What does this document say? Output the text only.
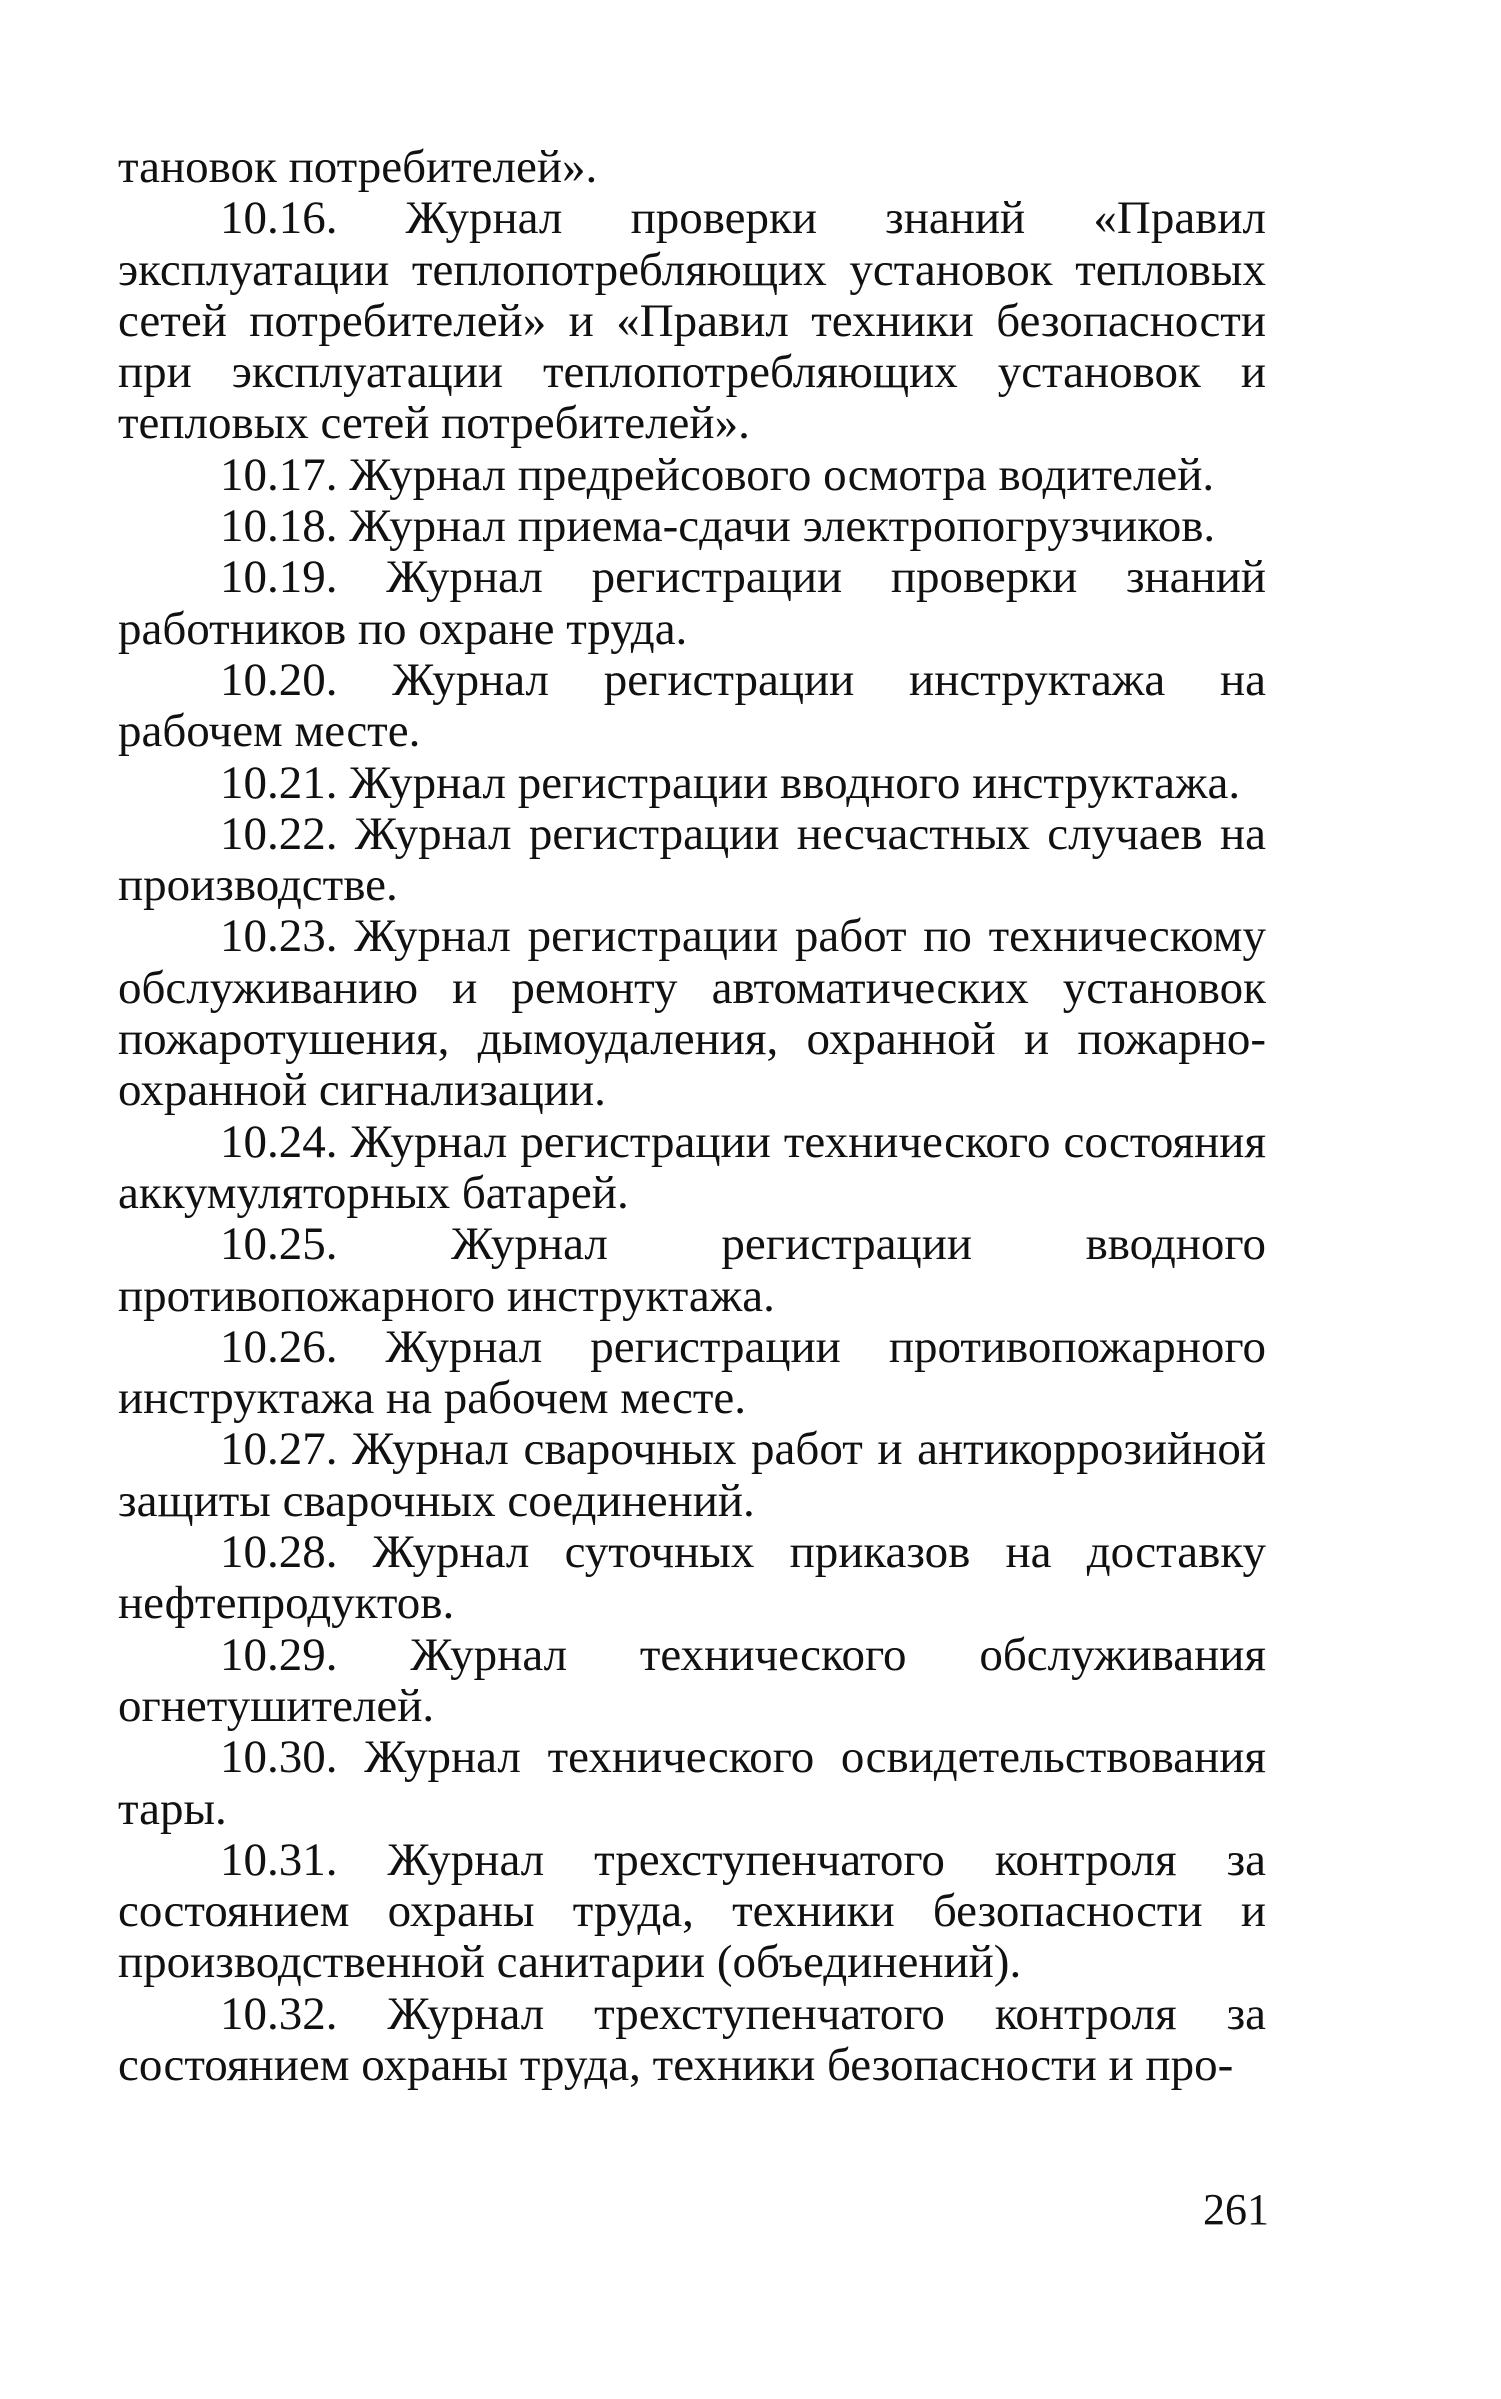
тановок потребителей».

10.16. Журнал проверки знаний «Правил эксплуатации теплопотребляющих установок тепловых сетей потребителей» и «Правил техники безопасности при эксплуатации теплопотребляющих установок и тепловых сетей потребителей».

10.17. Журнал предрейсового осмотра водителей.

10.18. Журнал приема-сдачи электропогрузчиков.

10.19. Журнал регистрации проверки знаний работников по охране труда.

10.20. Журнал регистрации инструктажа на рабочем месте.

10.21. Журнал регистрации вводного инструктажа.

10.22. Журнал регистрации несчастных случаев на производстве.

10.23. Журнал регистрации работ по техническому обслуживанию и ремонту автоматических установок пожаротушения, дымоудаления, охранной и пожарно-охранной сигнализации.

10.24. Журнал регистрации технического состояния аккумуляторных батарей.

10.25. Журнал регистрации вводного противопожарного инструктажа.

10.26. Журнал регистрации противопожарного инструктажа на рабочем месте.

10.27. Журнал сварочных работ и антикоррозийной защиты сварочных соединений.

10.28. Журнал суточных приказов на доставку нефтепродуктов.

10.29. Журнал технического обслуживания огнетушителей.

10.30. Журнал технического освидетельствования тары.

10.31. Журнал трехступенчатого контроля за состоянием охраны труда, техники безопасности и производственной санитарии (объединений).

10.32. Журнал трехступенчатого контроля за состоянием охраны труда, техники безопасности и про-

261
